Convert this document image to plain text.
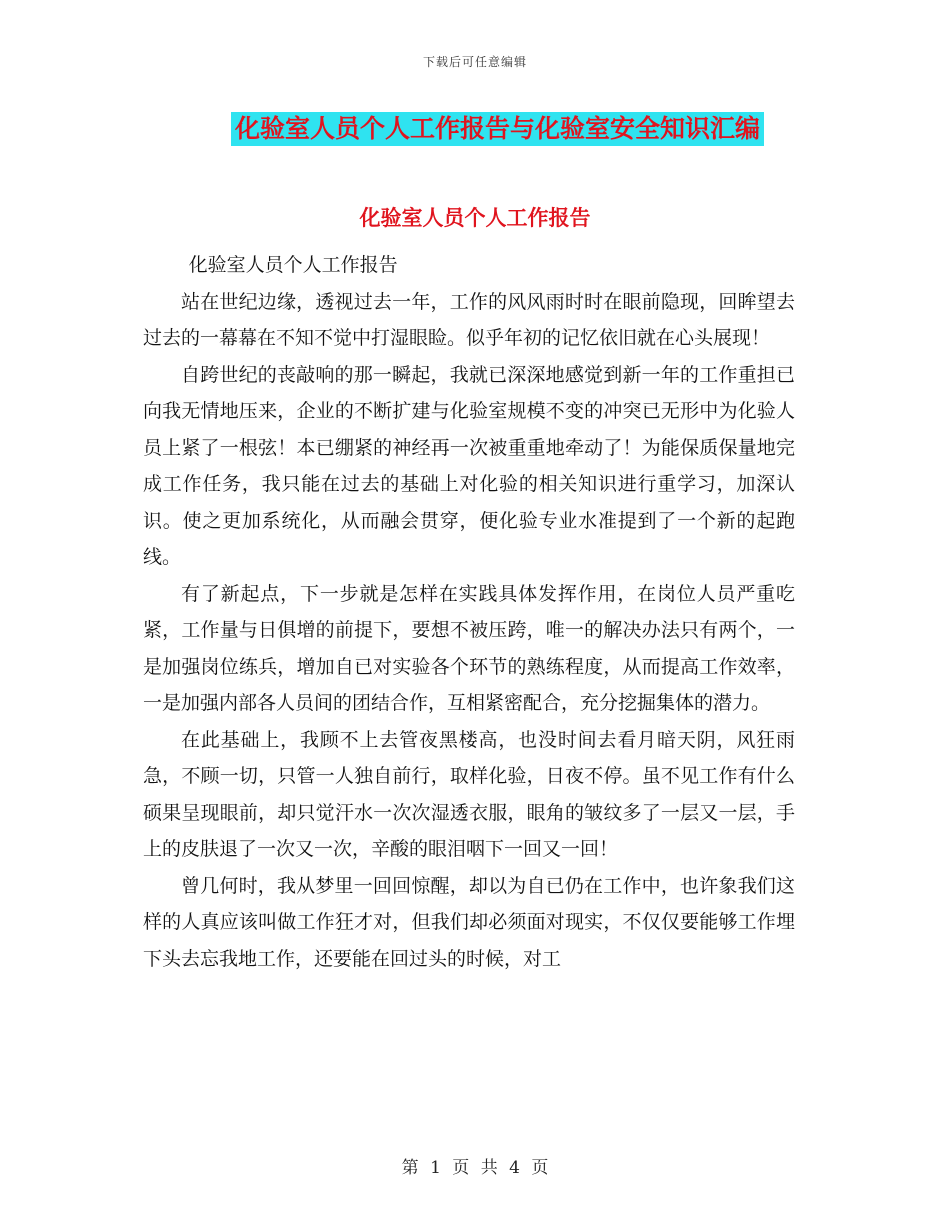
下载后可任意编辑
化验室人员个人工作报告与化验室安全知识汇编
化验室人员个人工作报告

化验室人员个人工作报告

站在世纪边缘，透视过去一年，工作的风风雨时时在眼前隐现，回眸望去过去的一幕幕在不知不觉中打湿眼睑。似乎年初的记忆依旧就在心头展现！

自跨世纪的丧敲响的那一瞬起，我就已深深地感觉到新一年的工作重担已向我无情地压来，企业的不断扩建与化验室规模不变的冲突已无形中为化验人员上紧了一根弦！本已绷紧的神经再一次被重重地牵动了！为能保质保量地完成工作任务，我只能在过去的基础上对化验的相关知识进行重学习，加深认识。使之更加系统化，从而融会贯穿，便化验专业水准提到了一个新的起跑线。

有了新起点，下一步就是怎样在实践具体发挥作用，在岗位人员严重吃紧，工作量与日俱增的前提下，要想不被压跨，唯一的解决办法只有两个，一是加强岗位练兵，增加自已对实验各个环节的熟练程度，从而提高工作效率，一是加强内部各人员间的团结合作，互相紧密配合，充分挖掘集体的潜力。

在此基础上，我顾不上去管夜黑楼高，也没时间去看月暗天阴，风狂雨急，不顾一切，只管一人独自前行，取样化验，日夜不停。虽不见工作有什么硕果呈现眼前，却只觉汗水一次次湿透衣服，眼角的皱纹多了一层又一层，手上的皮肤退了一次又一次，辛酸的眼泪咽下一回又一回！

曾几何时，我从梦里一回回惊醒，却以为自已仍在工作中，也许象我们这样的人真应该叫做工作狂才对，但我们却必须面对现实，不仅仅要能够工作埋下头去忘我地工作，还要能在回过头的时候，对工

第 1 页 共 4 页
